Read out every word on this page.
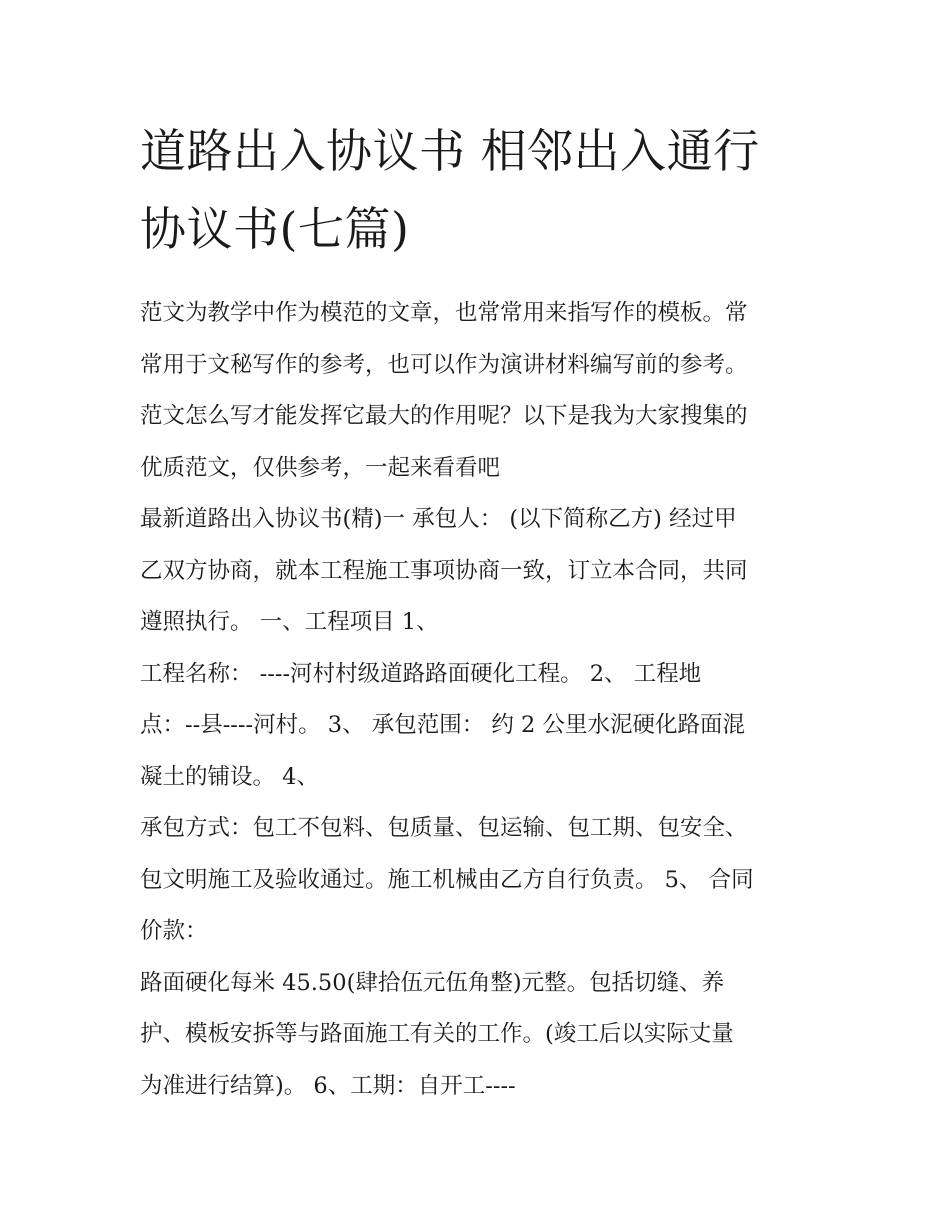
道路出入协议书 相邻出入通行
协议书(七篇)

范文为教学中作为模范的文章，也常常用来指写作的模板。常
常用于文秘写作的参考，也可以作为演讲材料编写前的参考。
范文怎么写才能发挥它最大的作用呢？以下是我为大家搜集的
优质范文，仅供参考，一起来看看吧

最新道路出入协议书(精)一 承包人： (以下简称乙方) 经过甲
乙双方协商，就本工程施工事项协商一致，订立本合同，共同
遵照执行。 一、工程项目 1、

工程名称： ----河村村级道路路面硬化工程。 2、 工程地
点：--县----河村。 3、 承包范围： 约 2 公里水泥硬化路面混
凝土的铺设。 4、

承包方式：包工不包料、包质量、包运输、包工期、包安全、
包文明施工及验收通过。施工机械由乙方自行负责。 5、 合同
价款：

路面硬化每米 45.50(肆拾伍元伍角整)元整。包括切缝、养
护、模板安拆等与路面施工有关的工作。(竣工后以实际丈量
为准进行结算)。 6、工期：自开工----
